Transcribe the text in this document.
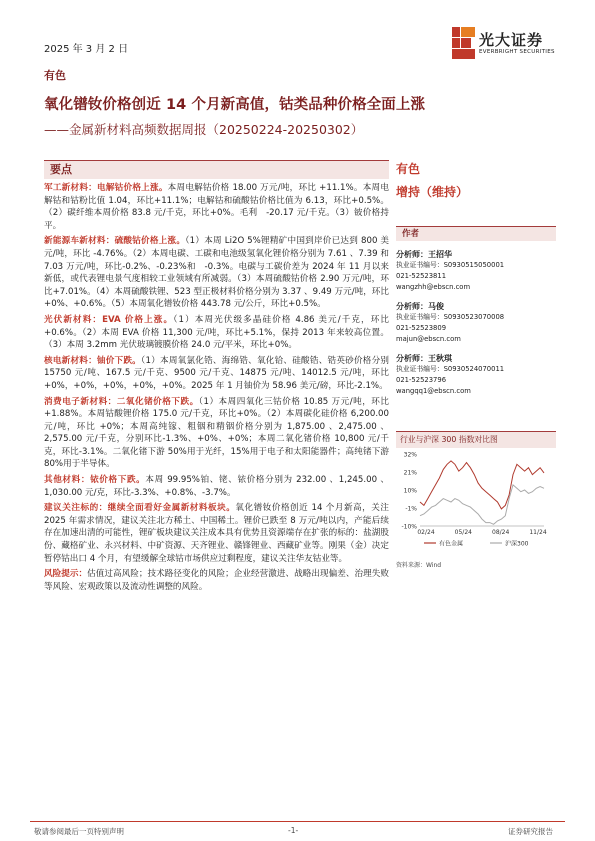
2025 年 3 月 2 日
有色
氧化镨钕价格创近 14 个月新高值，钴类品种价格全面上涨
——金属新材料高频数据周报（20250224-20250302）
光大证券
EVERBRIGHT SECURITIES
要点
军工新材料：电解钴价格上涨。本周电解钴价格 18.00 万元/吨，环比 +11.1%。本周电解钴和钴粉比值 1.04，环比+11.1%；电解钴和硫酸钴价格比值为 6.13，环比+0.5%。（2）碳纤维本周价格 83.8 元/千克，环比+0%。毛利　-20.17 元/千克。（3）铍价格持平。
新能源车新材料：硫酸钴价格上涨。（1）本周 Li2O 5%锂精矿中国到岸价已达到 800 美元/吨，环比 -4.76%。（2）本周电碳、工碳和电池级氢氧化锂价格分别为 7.61 、7.39 和 7.03 万元/吨，环比-0.2%、-0.23%和　-0.3%。电碳与工碳价差为 2024 年 11 月以来新低，或代表锂电景气度相较工业领域有所减弱。（3）本周硫酸钴价格 2.90 万元/吨，环比+7.01%。（4）本周硫酸铁锂、523 型正极材料价格分别为 3.37 、9.49 万元/吨，环比+0%、+0.6%。（5）本周氧化镨钕价格 443.78 元/公斤，环比+0.5%。
光伏新材料：EVA 价格上涨。（1）本周光伏级多晶硅价格 4.86 美元/千克，环比 +0.6%。（2）本周 EVA 价格 11,300 元/吨，环比+5.1%，保持 2013 年来较高位置。（3）本周 3.2mm 光伏玻璃镀膜价格 24.0 元/平米，环比+0%。
核电新材料：铀价下跌。（1）本周氧氯化锆、海绵锆、氧化铪、硅酸锆、锆英砂价格分别 15750 元/吨、167.5 元/千克、9500 元/千克、14875 元/吨、14012.5 元/吨，环比+0%，+0%，+0%，+0%，+0%。2025 年 1 月铀价为 58.96 美元/磅，环比-2.1%。
消费电子新材料：二氧化锗价格下跌。（1）本周四氧化三钴价格 10.85 万元/吨，环比+1.88%。本周钴酸锂价格 175.0 元/千克，环比+0%。（2）本周碳化硅价格 6,200.00 元/吨，环比 +0%；本周高纯镓、粗铟和精铟价格分别为 1,875.00 、2,475.00 、2,575.00 元/千克，分别环比-1.3%、+0%、+0%；本周二氧化锗价格 10,800 元/千克，环比-3.1%。二氧化锗下游 50%用于光纤，15%用于电子和太阳能器件；高纯锗下游 80%用于半导体。
其他材料：铱价格下跌。本周 99.95%铂、铑、铱价格分别为 232.00 、1,245.00 、1,030.00 元/克，环比-3.3%、+0.8%、-3.7%。
建议关注标的：继续全面看好金属新材料板块。氧化镨钕价格创近 14 个月新高，关注 2025 年需求情况，建议关注北方稀土、中国稀土。锂价已跌至 8 万元/吨以内，产能后续存在加速出清的可能性，锂矿板块建议关注成本具有优势且资源端存在扩张的标的：盐湖股份、藏格矿业、永兴材料、中矿资源、天齐锂业、赣锋锂业、西藏矿业等。刚果（金）决定暂停钴出口 4 个月，有望缓解全球钴市场供应过剩程度，建议关注华友钴业等。
风险提示：估值过高风险；技术路径变化的风险；企业经营激进、战略出现偏差、治理失败等风险、宏观政策以及流动性调整的风险。
有色
增持（维持）
作者
分析师：王招华
执业证书编号：S0930515050001
021-52523811
wangzhh@ebscn.com
分析师：马俊
执业证书编号：S0930523070008
021-52523809
majun@ebscn.com
分析师：王秋琪
执业证书编号：S0930524070011
021-52523796
wangqq1@ebscn.com
行业与沪深 300 指数对比图
32%
21%
10%
-1%
-10%
02/24	05/24	08/24	11/24
有色金属	沪深300
资料来源：Wind
敬请参阅最后一页特别声明	-1-	证券研究报告
